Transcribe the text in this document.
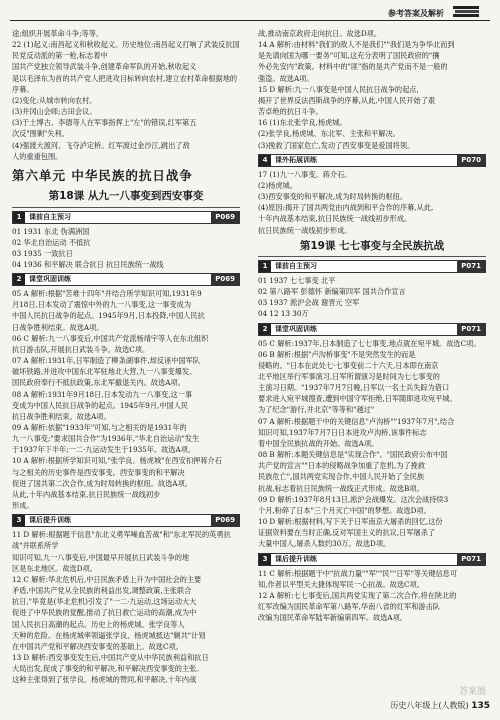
参考答案及解析

途;组织开展革命斗争;等等。

22 (1)起义:南昌起义和秋收起义。历史地位:南昌起义打响了武装反抗国民党反动派的第一枪,标志着中

国共产党独立领导武装斗争,创建革命军队的开始,秋收起义

是以毛泽东为首的共产党人把进攻目标转向农村,建立农村革命根据地的

序幕。

(2)变化:从城市转向农村。

(3)井冈山会师;古田会议。

(3)于土博古、李德等人在军事指挥上"左"的错误,红军第五

次反"围剿"失利。

(4)强渡大渡河、飞夺泸定桥。红军渡过金沙江,跳出了敌

人的重重包围。

第六单元 中华民族的抗日战争
第18课 从九一八事变到西安事变
1	课前自主预习	P069

01 1931 东北 伪满洲国

02 华北自治运动 不抵抗

03 1935 一致抗日

04 1936 和平解决 联合抗日 抗日民族统一战线

2	课堂巩固训练	P069

05 A 解析:根据"苦难十四年"并结合所学知识可知,1931年9

月18日,日本发动了震惊中外的九一八事变,这一事变成为

中国人民抗日战争的起点。1945年9月,日本投降,中国人民抗

日战争胜利结束。故选A项。

06 C 解析:九一八事变后,中国共产党派杨靖宇等人在东北组织

抗日游击队,开展抗日武装斗争。故选C项。

07 A 解析:1931年,日军制造了柳条湖事件,却反诬中国军队

破坏铁路,并进攻中国东北军驻地北大营,九一八事变爆发。

国民政府奉行不抵抗政策,东北军撤退关内。故选A项。

08 A 解析:1931年9月18日,日本发动九一八事变,这一事

变成为中国人民抗日战争的起点。1945年9月,中国人民

抗日战争胜利结束。故选A项。

09 A 解析:依据"1933年"可知,与之相关的是1931年的

九一八事变;"要求国共合作"为1936年,"华北自治运动"发生

于1937年下半年;一二·九运动发生于1935年。故选A项。

10 A 解析:根据所学知识可知,"张学良、杨虎城"在西安扣押蒋介石

与之相关的历史事件是西安事变。西安事变的和平解决

促进了国共第二次合作,成为时局转换的枢纽。故选A项。

从此,十年内战基本结束,抗日民族统一战线初步

形成。

3	课后提升训练	P069

11 D 解析:根据题干信息"东北义勇军噪血苦战"和"东北军民的英勇抗战"并联系所学

知识可知,九一八事变后,中国最早开展抗日武装斗争的地

区是东北地区。故选D项。

12 C 解析:华北危机后,中日民族矛盾上升为中国社会的主要

矛盾,中国共产党从全民族的利益出发,调整政策,主张联合

抗日,"毕竟是(华北危机)引发了"一二·九运动,这场运动大大

促进了中华民族的觉醒,推动了抗日救亡运动的高潮,成为中

国人民抗日高潮的起点。历史上的杨虎城、张学良等人

天种的危险。在杨虎城率领逼张学良、杨虎城抵达"剿共"计划

在中国共产党和平解决西安事变的基础上。故选C项。

13 D 解析:西安事变发生后,中国共产党从中华民族利益和抗日

大局出发,促成了事变的和平解决,和平解决西安事变的主张。

这种主张得到了张学良、杨虎城的赞同,和平解决,十年内战

战,推动南京政府走向抗日。故选D项。

14 A 解析:由材料"我们的敌人不是我们""我们是为争华北而到

是先请向国为哪一要务"可知,这充分表明了国民政府的"攘

外必先安内"政策。材料中的"匪"指的是共产党而不是一般的

强盗。故选A项。

15 D 解析:九一八事变是中国人民抗日战争的起点,

揭开了世界反法西斯战争的序幕,从此,中国人民开始了艰

苦卓绝的抗日斗争。

16 (1)东北张学良,杨虎城。

(2)张学良,杨虎城、东北军、主张和平解决。

(3)挽救了国家危亡,发动了西安事变是爱国将领。

4	课外拓展训练	P070

17 (1)九一八事变。蒋介石。

(2)杨虎城。

(3)西安事变的和平解决,成为时局转换的枢纽。

(4)原因:揭开了国共两党由内战到和平合作的序幕,从此,

十年内战基本结束,抗日民族统一战线初步形成。

抗日民族统一战线初步形成。

第19课 七七事变与全民族抗战
1	课前自主预习	P071

01 1937 七七事变 北平

02 第八路军 彭德怀 新编第四军 国共合作宣言

03 1937 淞沪会战 谢晋元 空军

04 12 13 30万

2	课堂巩固训练	P071

05 C 解析:1937年,日本制造了七七事变,地点就在宛平城。故选C项。

06 B 解析:根据"卢沟桥事变"不是突然发生的而是

侵略的。"日本在此处七·七事变前二十六天,日本即在南京

北平地区举行军事演习,日军所谓演习是时间为七七事变的

主演习日期。"1937年7月7日晚,日军以一名士兵失踪为借口

要求进入宛平城搜查,遭到中国守军拒绝,日军随即进攻宛平城。

为了纪念"游行,并北京"等等和"越过"

07 A 解析:根据题干中的关键信息"卢沟桥""1937年7月",结合

知识可知,1937年7月7日日本进攻卢沟桥,该事件标志

着中国全民族抗战的开始。故选A项。

08 B 解析:本题关键信息是"实现合作"。"国民政府公布中国

共产党的宣言""日本的侵略战争加重了危机,为了挽救

民族危亡",国共两党实现合作,中国人民开始了全民族

抗战,标志着抗日民族统一战线正式形成。故选B项。

09 D 解析:1937年8月13日,淞沪会战爆发。这次会战持续3

个月,粉碎了日本"三个月灭亡中国"的梦想。故选D项。

10 D 解析:根据材料,写下关于日军南京大屠杀的回忆,这份

证据资料要在当时正确,反对军国主义的抗议,日军屠杀了

大量中国人,屠杀人数约30万。故选D项。

3	课后提升训练	P071

11 C 解析:根据题干中"抗战力量""军""民""日军"等关键信息可

知,作者以平型关大捷体现军民一心抗战。故选C项。

12 A 解析:七七事变后,国共两党实现了第二次合作,将在陕北的

红军改编为国民革命军第八路军,华南八省的红军和游击队

改编为国民革命军陆军新编第四军。故选A项。

答案圈
历史八年级上(人教版) 135
